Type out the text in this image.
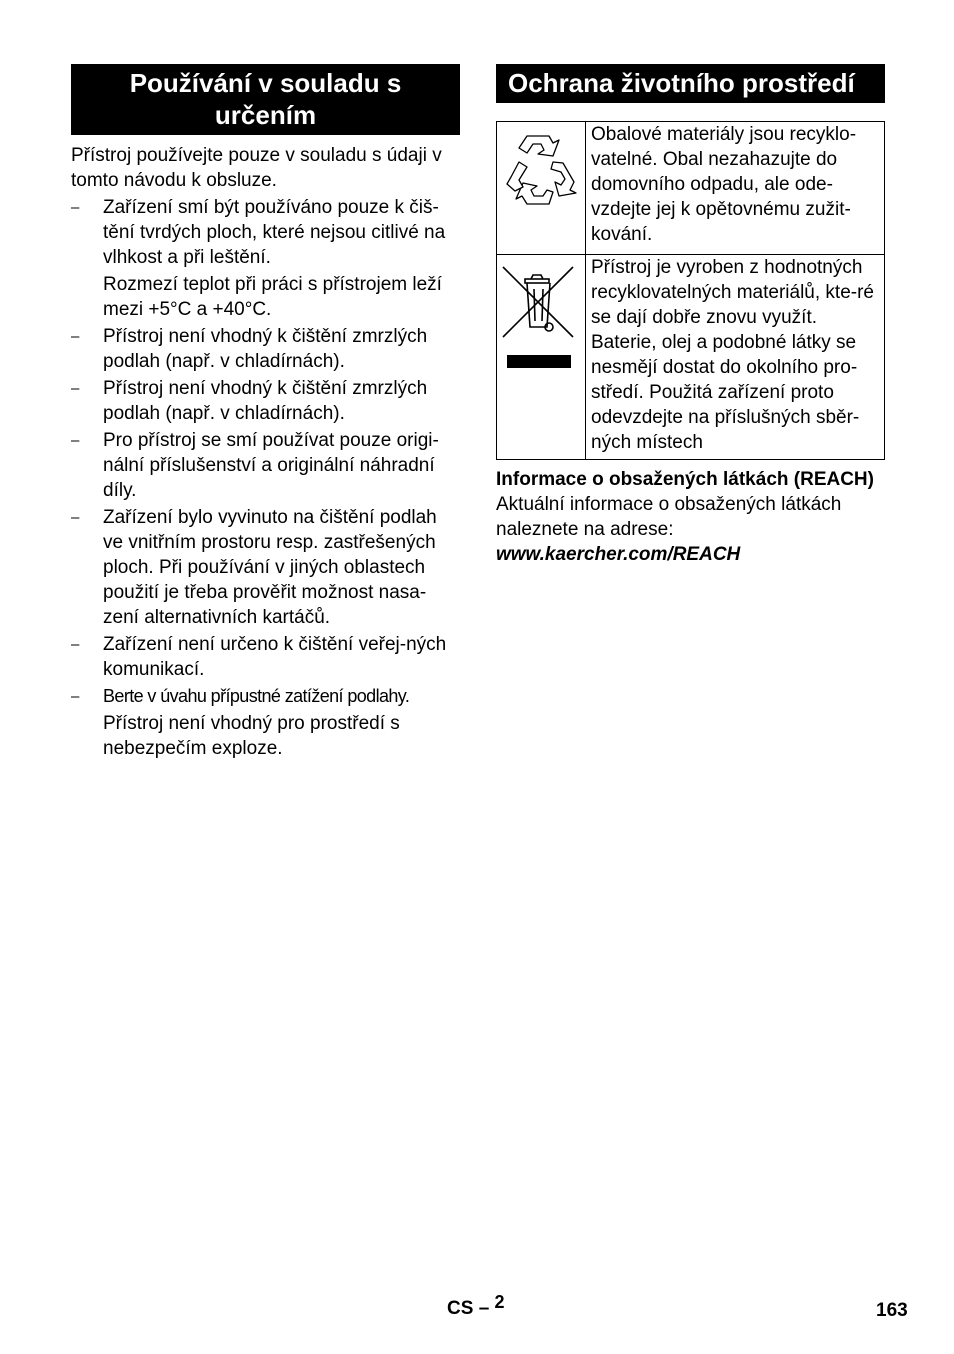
Používání v souladu s určením
Přístroj používejte pouze v souladu s údaji v tomto návodu k obsluze.
– Zařízení smí být používáno pouze k čiš-tění tvrdých ploch, které nejsou citlivé na vlhkost a při leštění.
Rozmezí teplot při práci s přístrojem leží mezi +5°C a +40°C.
– Přístroj není vhodný k čištění zmrzlých podlah (např. v chladírnách).
– Přístroj není vhodný k čištění zmrzlých podlah (např. v chladírnách).
– Pro přístroj se smí používat pouze origi-nální příslušenství a originální náhradní díly.
– Zařízení bylo vyvinuto na čištění podlah ve vnitřním prostoru resp. zastřešených ploch. Při používání v jiných oblastech použití je třeba prověřit možnost nasa-zení alternativních kartáčů.
– Zařízení není určeno k čištění veřej-ných komunikací.
– Berte v úvahu přípustné zatížení podlahy.
Přístroj není vhodný pro prostředí s nebezpečím exploze.
Ochrana životního prostředí
	Obalové materiály jsou recyklo-vatelné. Obal nezahazujte do domovního odpadu, ale ode-vzdejte jej k opětovnému zužit-kování.
	Přístroj je vyroben z hodnotných recyklovatelných materiálů, kte-ré se dají dobře znovu využít. Baterie, olej a podobné látky se nesmějí dostat do okolního pro-středí. Použitá zařízení proto odevzdejte na příslušných sběr-ných místech
Informace o obsažených látkách (REACH)
Aktuální informace o obsažených látkách naleznete na adrese:
www.kaercher.com/REACH
CS – 2	163
